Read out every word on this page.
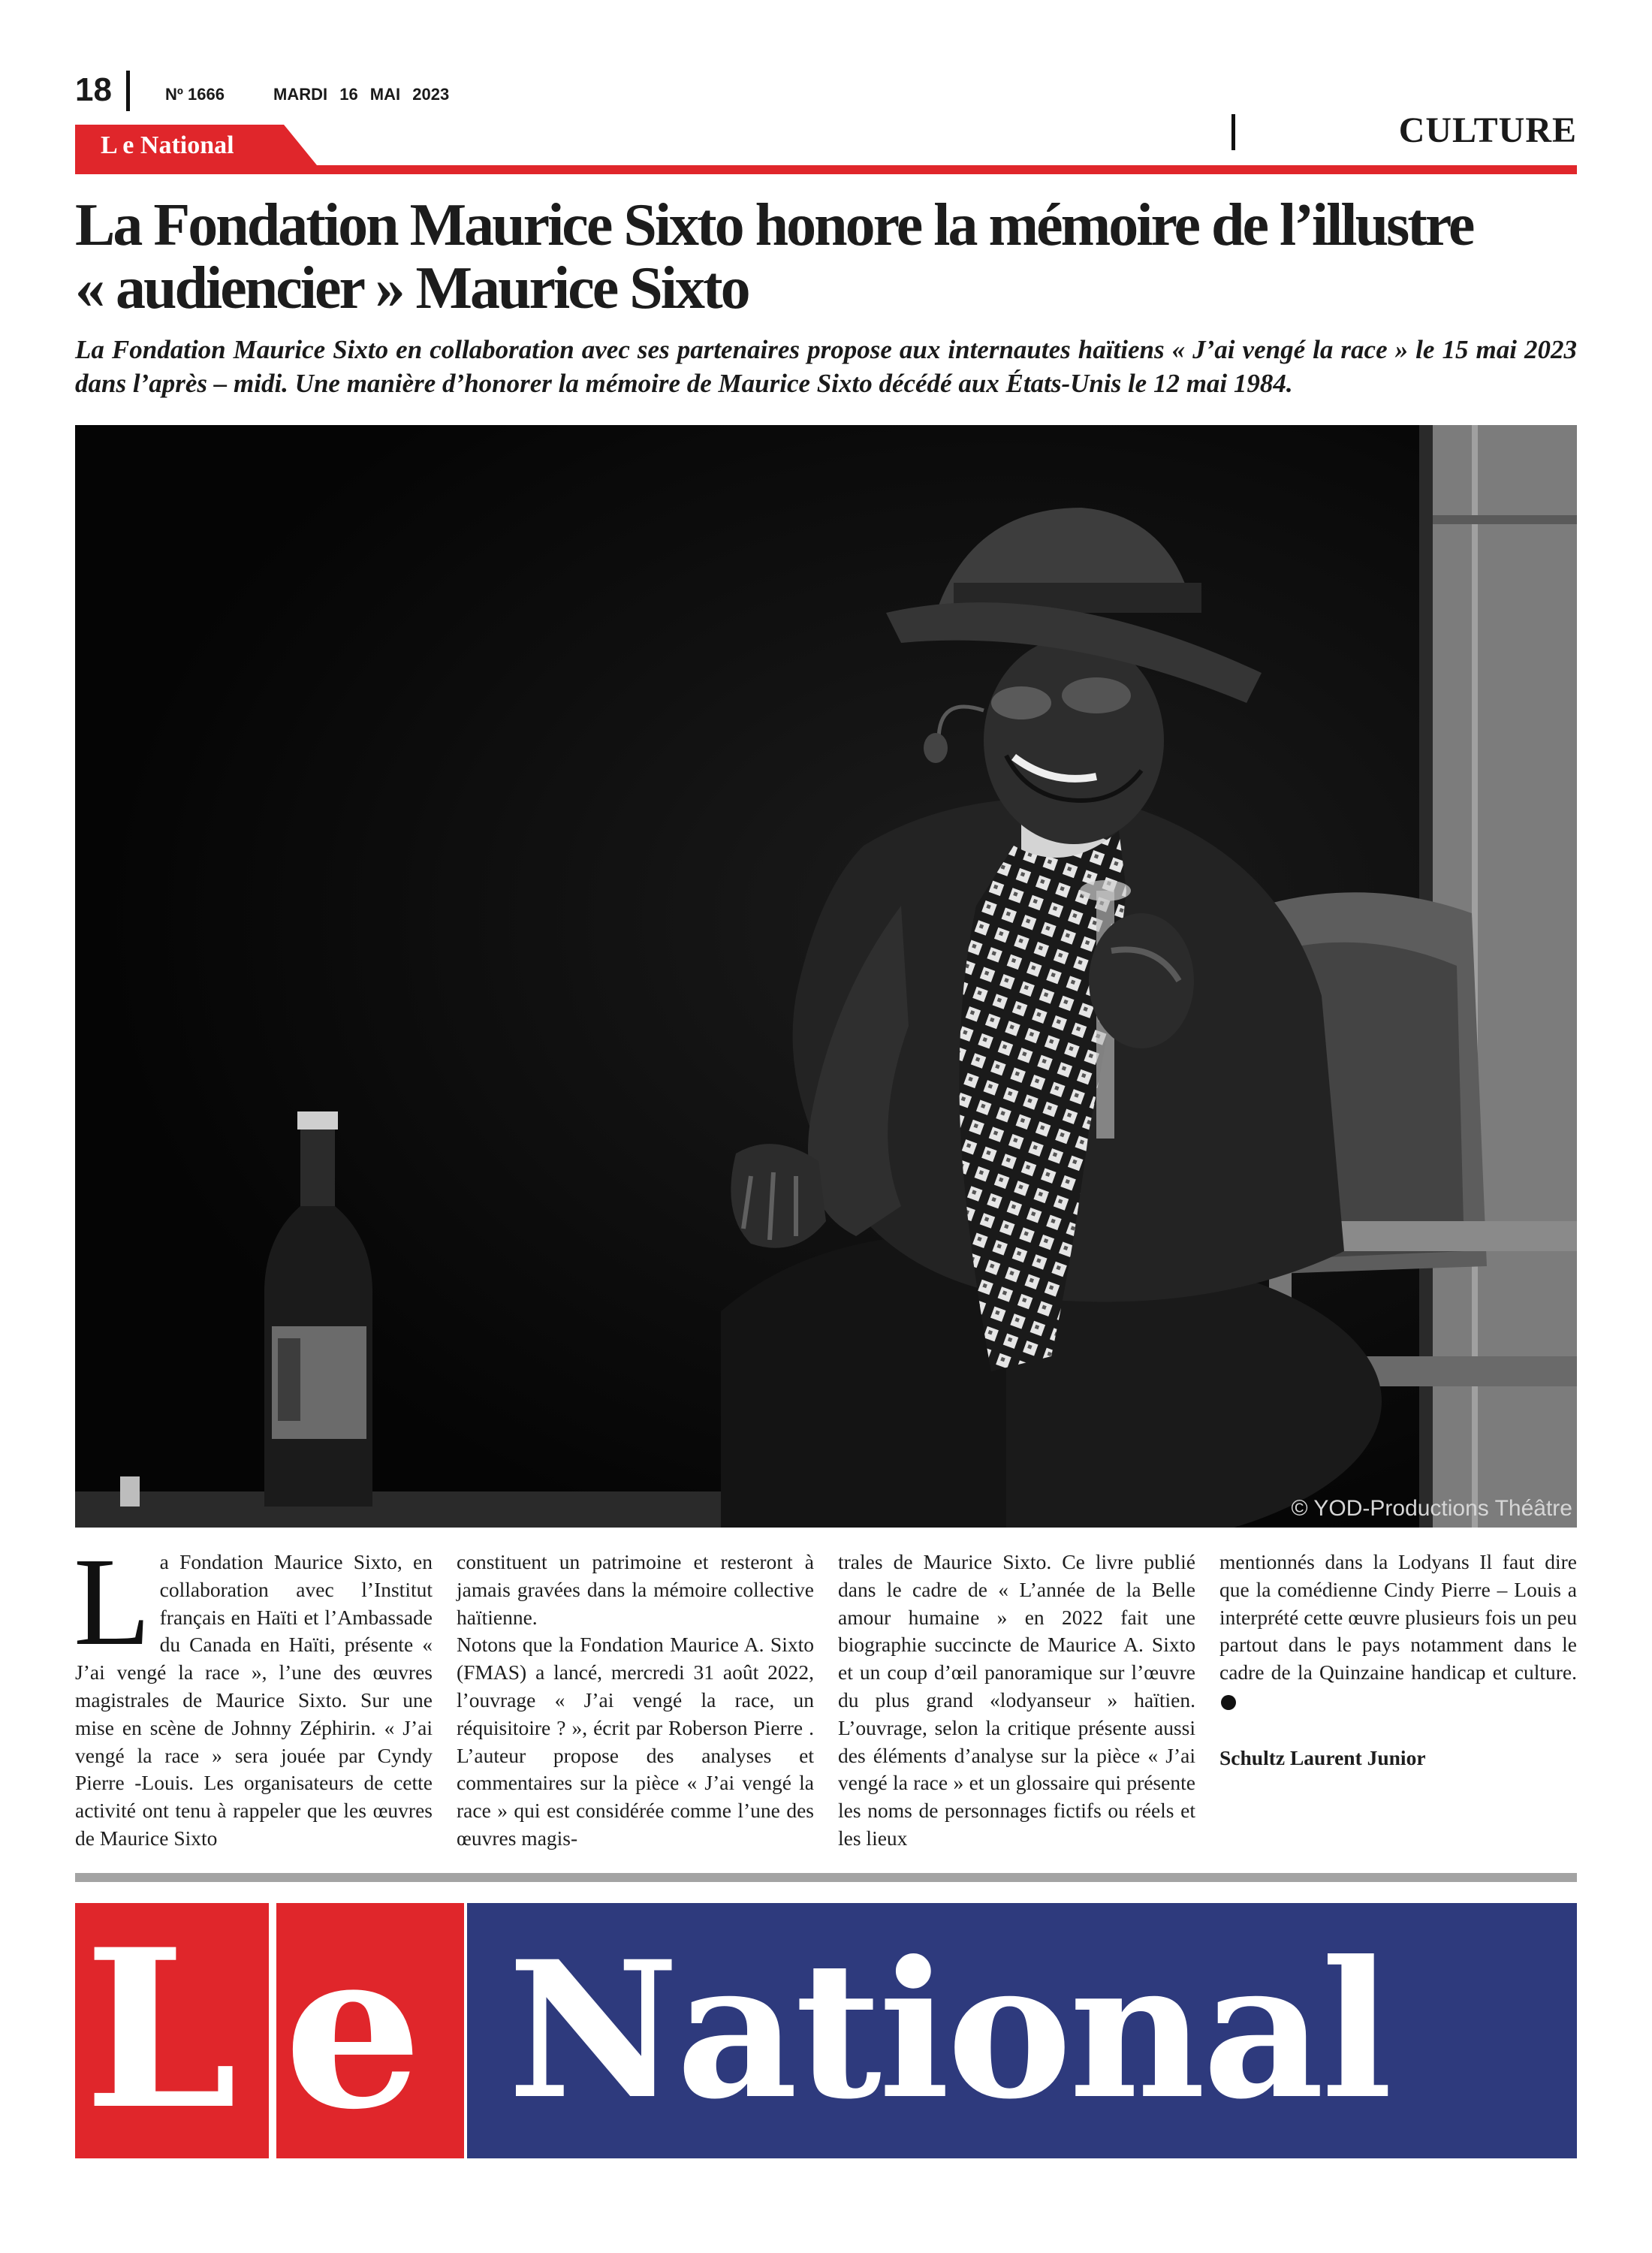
18	Nº 1666	MARDI 16 MAI 2023
CULTURE
L e National
La Fondation Maurice Sixto honore la mémoire de l’illustre
« audiencier » Maurice Sixto

La Fondation Maurice Sixto en collaboration avec ses partenaires propose aux internautes haïtiens « J’ai vengé la race » le 15 mai 2023 dans l’après – midi. Une manière d’honorer la mémoire de Maurice Sixto décédé aux États-Unis le 12 mai 1984.

© YOD-Productions Théâtre
L a Fondation Maurice Sixto, en collaboration avec l’Institut français en Haïti et l’Ambassade du Canada en Haïti, présente « J’ai vengé la race », l’une des œuvres magistrales de Maurice Sixto. Sur une mise en scène de Johnny Zéphirin. « J’ai vengé la race » sera jouée par Cyndy Pierre -Louis. Les organisateurs de cette activité ont tenu à rappeler que les œuvres de Maurice Sixto

constituent un patrimoine et resteront à jamais gravées dans la mémoire collective haïtienne.

Notons que la Fondation Maurice A. Sixto (FMAS) a lancé, mercredi 31 août 2022, l’ouvrage « J’ai vengé la race, un réquisitoire ? », écrit par Roberson Pierre . L’auteur propose des analyses et commentaires sur la pièce « J’ai vengé la race » qui est considérée comme l’une des œuvres magis-

trales de Maurice Sixto. Ce livre publié dans le cadre de « L’année de la Belle amour humaine » en 2022 fait une biographie succincte de Maurice A. Sixto et un coup d’œil panoramique sur l’œuvre du plus grand «lodyanseur » haïtien. L’ouvrage, selon la critique présente aussi des éléments d’analyse sur la pièce « J’ai vengé la race » et un glossaire qui présente les noms de personnages fictifs ou réels et les lieux

mentionnés dans la Lodyans Il faut dire que la comédienne Cindy Pierre – Louis a interprété cette œuvre plusieurs fois un peu partout dans le pays notamment dans le cadre de la Quinzaine handicap et culture.

Schultz Laurent Junior

L e National
